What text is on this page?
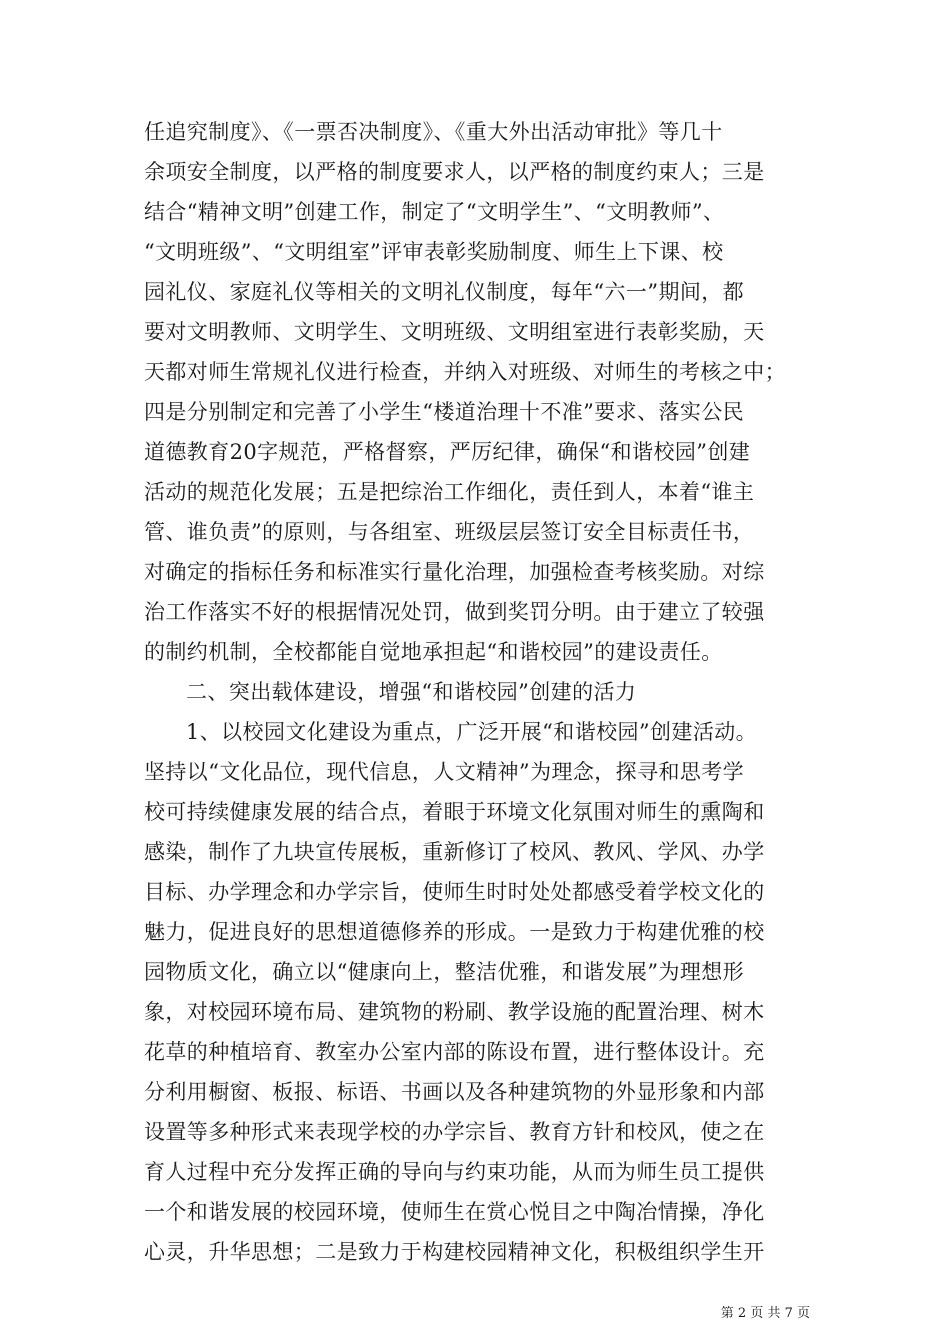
任追究制度》、《一票否决制度》、《重大外出活动审批》等几十
余项安全制度，以严格的制度要求人，以严格的制度约束人；三是
结合“精神文明”创建工作，制定了“文明学生”、“文明教师”、
“文明班级”、“文明组室”评审表彰奖励制度、师生上下课、校
园礼仪、家庭礼仪等相关的文明礼仪制度，每年“六一”期间，都
要对文明教师、文明学生、文明班级、文明组室进行表彰奖励，天
天都对师生常规礼仪进行检查，并纳入对班级、对师生的考核之中；
四是分别制定和完善了小学生“楼道治理十不准”要求、落实公民
道德教育20字规范，严格督察，严厉纪律，确保“和谐校园”创建
活动的规范化发展；五是把综治工作细化，责任到人，本着“谁主
管、谁负责”的原则，与各组室、班级层层签订安全目标责任书，
对确定的指标任务和标准实行量化治理，加强检查考核奖励。对综
治工作落实不好的根据情况处罚，做到奖罚分明。由于建立了较强
的制约机制，全校都能自觉地承担起“和谐校园”的建设责任。
二、突出载体建设，增强“和谐校园”创建的活力
1、以校园文化建设为重点，广泛开展“和谐校园”创建活动。
坚持以“文化品位，现代信息，人文精神”为理念，探寻和思考学
校可持续健康发展的结合点，着眼于环境文化氛围对师生的熏陶和
感染，制作了九块宣传展板，重新修订了校风、教风、学风、办学
目标、办学理念和办学宗旨，使师生时时处处都感受着学校文化的
魅力，促进良好的思想道德修养的形成。一是致力于构建优雅的校
园物质文化，确立以“健康向上，整洁优雅，和谐发展”为理想形
象，对校园环境布局、建筑物的粉刷、教学设施的配置治理、树木
花草的种植培育、教室办公室内部的陈设布置，进行整体设计。充
分利用橱窗、板报、标语、书画以及各种建筑物的外显形象和内部
设置等多种形式来表现学校的办学宗旨、教育方针和校风，使之在
育人过程中充分发挥正确的导向与约束功能，从而为师生员工提供
一个和谐发展的校园环境，使师生在赏心悦目之中陶冶情操，净化
心灵，升华思想；二是致力于构建校园精神文化，积极组织学生开
第 2 页 共 7 页
